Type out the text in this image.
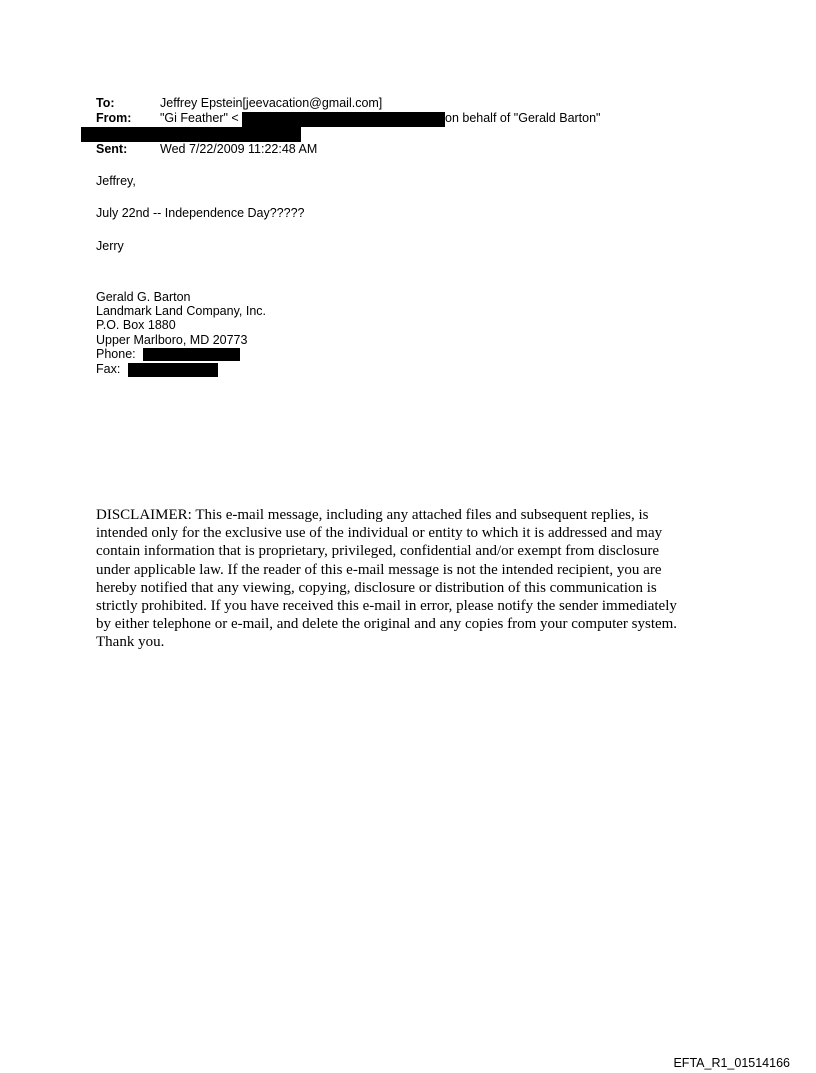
To:	Jeffrey Epstein[jeevacation@gmail.com]
From: "Gi Feather" <	on behalf of "Gerald Barton"
Sent:	Wed 7/22/2009 11:22:48 AM
Jeffrey,
July 22nd -- Independence Day?????
Jerry
Gerald G. Barton
Landmark Land Company, Inc.
P.O. Box 1880
Upper Marlboro, MD 20773
Phone:
Fax:
DISCLAIMER: This e-mail message, including any attached files and subsequent replies, is
intended only for the exclusive use of the individual or entity to which it is addressed and may
contain information that is proprietary, privileged, confidential and/or exempt from disclosure
under applicable law. If the reader of this e-mail message is not the intended recipient, you are
hereby notified that any viewing, copying, disclosure or distribution of this communication is
strictly prohibited. If you have received this e-mail in error, please notify the sender immediately
by either telephone or e-mail, and delete the original and any copies from your computer system.
Thank you.
EFTA_R1_01514166
